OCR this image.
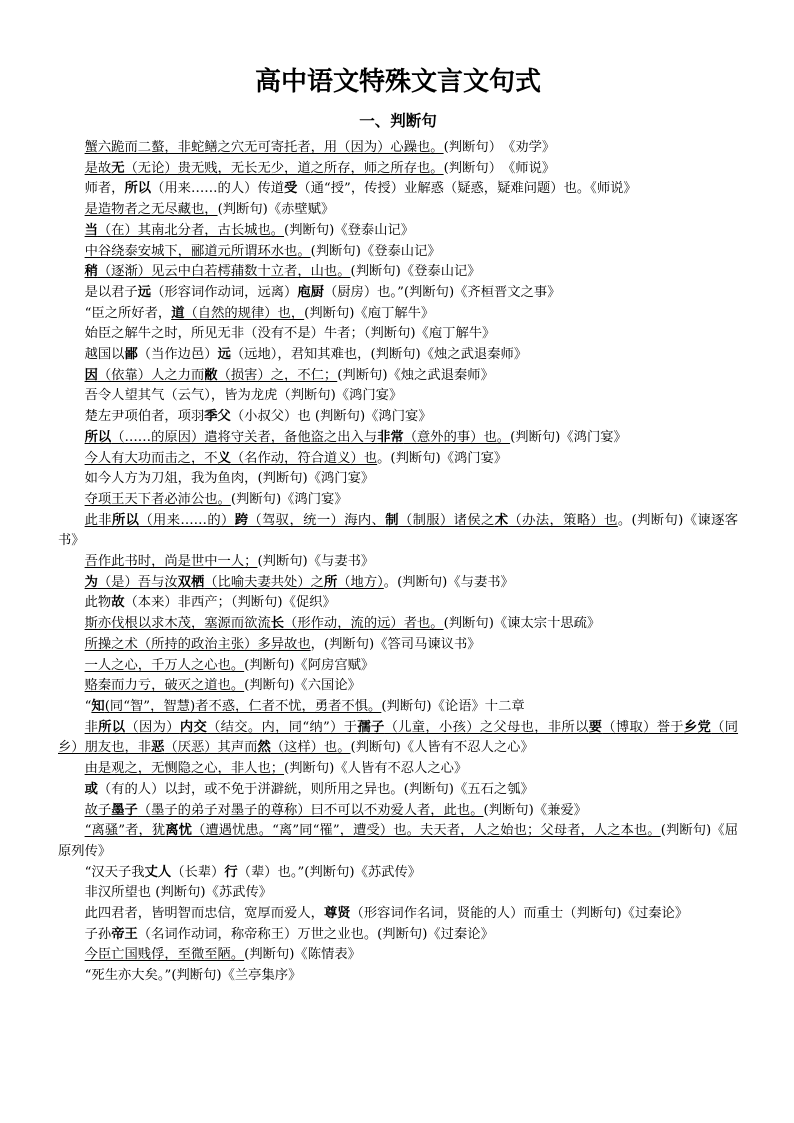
高中语文特殊文言文句式
一、判断句
蟹六跪而二螯，非蛇鳝之穴无可寄托者，用（因为）心躁也。(判断句）　《劝学》
是故无（无论）贵无贱，无长无少，道之所存，师之所存也。(判断句）　《师说》
师者，所以（用来……的人）传道受（通“授”，传授）业解惑（疑惑，疑难问题）也。《师说》
是造物者之无尽藏也，(判断句)《赤壁赋》
当（在）其南北分者，古长城也。(判断句)《登泰山记》
中谷绕泰安城下，郦道元所谓环水也。(判断句)《登泰山记》
稍（逐渐）见云中白若樗蒱数十立者，山也。(判断句)《登泰山记》
是以君子远（形容词作动词，远离）庖厨（厨房）也。”(判断句)《齐桓晋文之事》
“臣之所好者，道（自然的规律）也，(判断句)《庖丁解牛》
始臣之解牛之时，所见无非（没有不是）牛者；（判断句)《庖丁解牛》
越国以鄙（当作边邑）远（远地），君知其难也，(判断句)《烛之武退秦师》
因（依靠）人之力而敝（损害）之，不仁；(判断句)《烛之武退秦师》
吾令人望其气（云气），皆为龙虎（判断句)《鸿门宴》
楚左尹项伯者，项羽季父（小叔父）也 (判断句)《鸿门宴》
所以（……的原因）遣将守关者，备他盗之出入与非常（意外的事）也。(判断句)《鸿门宴》
今人有大功而击之，不义（名作动，符合道义）也。(判断句)《鸿门宴》
如今人方为刀俎，我为鱼肉，(判断句)《鸿门宴》
夺项王天下者必沛公也。(判断句)《鸿门宴》
此非所以（用来……的）跨（驾驭，统一）海内、制（制服）诸侯之术（办法，策略）也。(判断句)《谏逐客书》
吾作此书时，尚是世中一人；(判断句)《与妻书》
为（是）吾与汝双栖（比喻夫妻共处）之所（地方）。(判断句)《与妻书》
此物故（本来）非西产；（判断句)《促织》
斯亦伐根以求木茂，塞源而欲流长（形作动，流的远）者也。(判断句)《谏太宗十思疏》
所操之术（所持的政治主张）多异故也，(判断句)《答司马谏议书》
一人之心，千万人之心也。(判断句)《阿房宫赋》
赂秦而力亏，破灭之道也。(判断句)《六国论》
“知(同“智”，智慧)者不惑，仁者不忧，勇者不惧。(判断句)《论语》十二章
非所以（因为）内交（结交。内，同“纳”）于孺子（儿童，小孩）之父母也，非所以要（博取）誉于乡党（同乡）朋友也，非恶（厌恶）其声而然（这样）也。(判断句)《人皆有不忍人之心》
由是观之，无恻隐之心，非人也；(判断句)《人皆有不忍人之心》
或（有的人）以封，或不免于洴澼絖，则所用之异也。(判断句)《五石之瓠》
故子墨子（墨子的弟子对墨子的尊称）曰不可以不劝爱人者，此也。(判断句)《兼爱》
“离骚”者，犹离忧（遭遇忧患。“离”同“罹”，遭受）也。夫天者，人之始也；父母者，人之本也。(判断句)《屈原列传》
“汉天子我丈人（长辈）行（辈）也。”(判断句)《苏武传》
非汉所望也 (判断句)《苏武传》
此四君者，皆明智而忠信，宽厚而爱人，尊贤（形容词作名词，贤能的人）而重士（判断句)《过秦论》
子孙帝王（名词作动词，称帝称王）万世之业也。(判断句)《过秦论》
今臣亡国贱俘，至微至陋。(判断句)《陈情表》
“死生亦大矣。”(判断句)《兰亭集序》
